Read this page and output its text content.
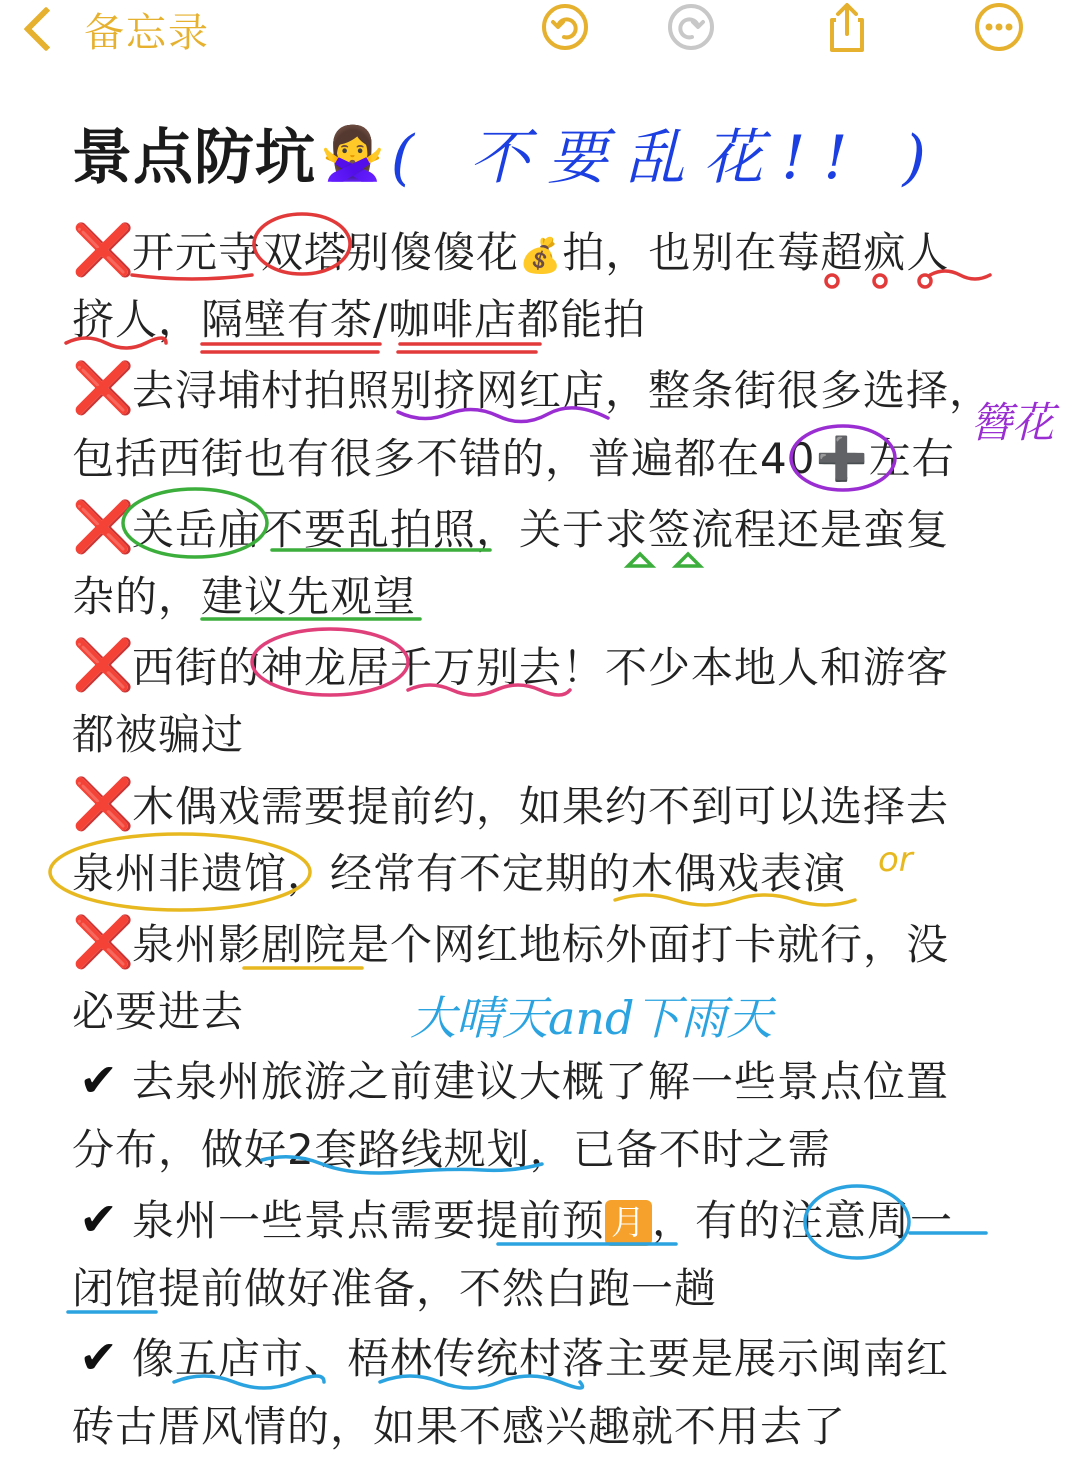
备忘录
景点防坑 🙅‍♀️ ( 不要乱花!! )
❌开元寺双塔别傻傻花💰拍，也别在莓超疯人
挤人，隔壁有茶/咖啡店都能拍
❌去浔埔村拍照别挤网红店，整条街很多选择，
包括西街也有很多不错的，普遍都在40➕左右
❌关岳庙不要乱拍照，关于求签流程还是蛮复
杂的，建议先观望
❌西街的神龙居千万别去！不少本地人和游客
都被骗过
❌木偶戏需要提前约，如果约不到可以选择去
泉州非遗馆，经常有不定期的木偶戏表演
❌泉州影剧院是个网红地标外面打卡就行，没
必要进去
✔ 去泉州旅游之前建议大概了解一些景点位置
分布，做好2套路线规划，已备不时之需
✔ 泉州一些景点需要提前预 月 ，有的注意周一
闭馆提前做好准备，不然白跑一趟
✔ 像五店市、梧林传统村落主要是展示闽南红
砖古厝风情的，如果不感兴趣就不用去了
簪花
or
大晴天and下雨天
